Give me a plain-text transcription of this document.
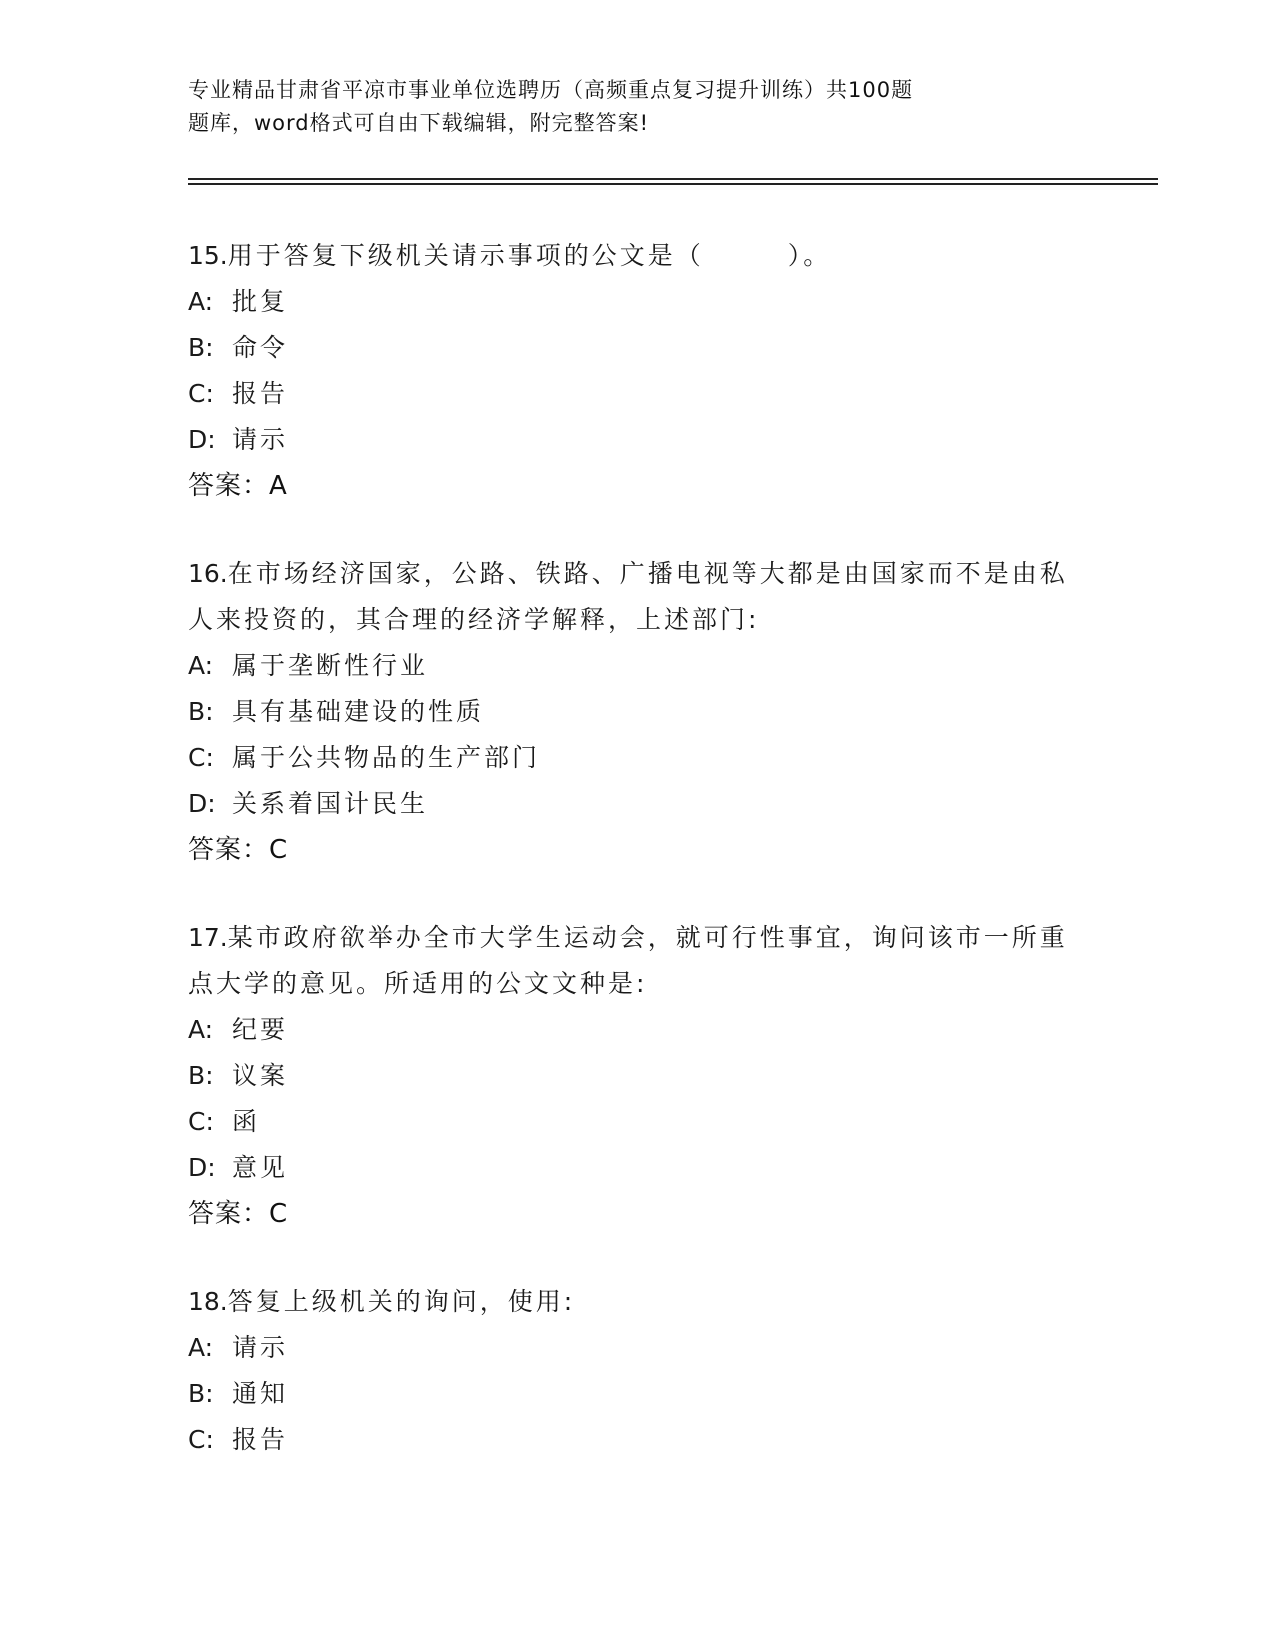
专业精品甘肃省平凉市事业单位选聘历（高频重点复习提升训练）共100题
题库，word格式可自由下载编辑，附完整答案!

15.用于答复下级机关请示事项的公文是（　　　）。

A: 批复

B: 命令

C: 报告

D: 请示

答案：A

16.在市场经济国家，公路、铁路、广播电视等大都是由国家而不是由私人来投资的，其合理的经济学解释，上述部门:

A: 属于垄断性行业

B: 具有基础建设的性质

C: 属于公共物品的生产部门

D: 关系着国计民生

答案：C

17.某市政府欲举办全市大学生运动会，就可行性事宜，询问该市一所重点大学的意见。所适用的公文文种是:

A: 纪要

B: 议案

C: 函

D: 意见

答案：C

18.答复上级机关的询问，使用:

A: 请示

B: 通知

C: 报告
